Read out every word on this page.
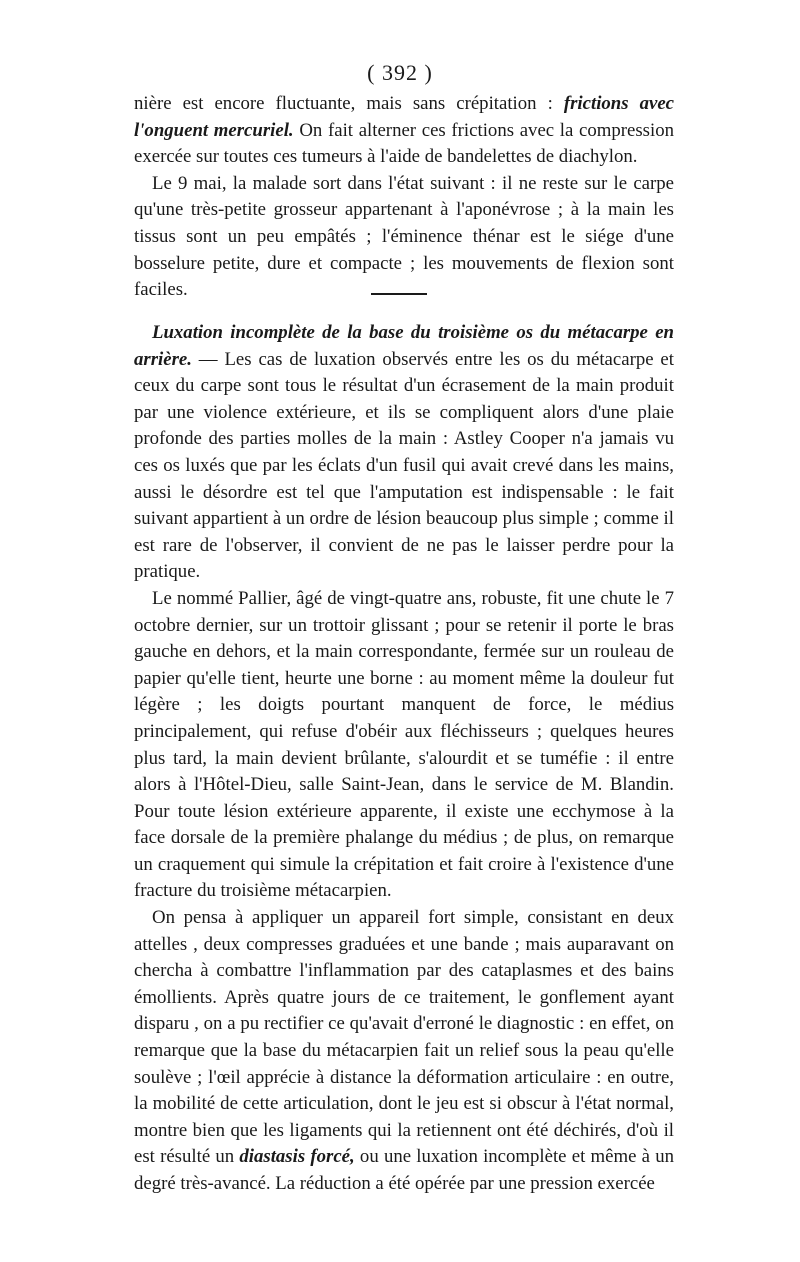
( 392 )

nière est encore fluctuante, mais sans crépitation : frictions avec l'onguent mercuriel. On fait alterner ces frictions avec la compression exercée sur toutes ces tumeurs à l'aide de bandelettes de diachylon.

Le 9 mai, la malade sort dans l'état suivant : il ne reste sur le carpe qu'une très-petite grosseur appartenant à l'aponévrose ; à la main les tissus sont un peu empâtés ; l'éminence thénar est le siége d'une bosselure petite, dure et compacte ; les mouvements de flexion sont faciles.

Luxation incomplète de la base du troisième os du métacarpe en arrière. — Les cas de luxation observés entre les os du métacarpe et ceux du carpe sont tous le résultat d'un écrasement de la main produit par une violence extérieure, et ils se compliquent alors d'une plaie profonde des parties molles de la main : Astley Cooper n'a jamais vu ces os luxés que par les éclats d'un fusil qui avait crevé dans les mains, aussi le désordre est tel que l'amputation est indispensable : le fait suivant appartient à un ordre de lésion beaucoup plus simple ; comme il est rare de l'observer, il convient de ne pas le laisser perdre pour la pratique.

Le nommé Pallier, âgé de vingt-quatre ans, robuste, fit une chute le 7 octobre dernier, sur un trottoir glissant ; pour se retenir il porte le bras gauche en dehors, et la main correspondante, fermée sur un rouleau de papier qu'elle tient, heurte une borne : au moment même la douleur fut légère ; les doigts pourtant manquent de force, le médius principalement, qui refuse d'obéir aux fléchisseurs ; quelques heures plus tard, la main devient brûlante, s'alourdit et se tuméfie : il entre alors à l'Hôtel-Dieu, salle Saint-Jean, dans le service de M. Blandin. Pour toute lésion extérieure apparente, il existe une ecchymose à la face dorsale de la première phalange du médius ; de plus, on remarque un craquement qui simule la crépitation et fait croire à l'existence d'une fracture du troisième métacarpien.

On pensa à appliquer un appareil fort simple, consistant en deux attelles , deux compresses graduées et une bande ; mais auparavant on chercha à combattre l'inflammation par des cataplasmes et des bains émollients. Après quatre jours de ce traitement, le gonflement ayant disparu , on a pu rectifier ce qu'avait d'erroné le diagnostic : en effet, on remarque que la base du métacarpien fait un relief sous la peau qu'elle soulève ; l'œil apprécie à distance la déformation articulaire : en outre, la mobilité de cette articulation, dont le jeu est si obscur à l'état normal, montre bien que les ligaments qui la retiennent ont été déchirés, d'où il est résulté un diastasis forcé, ou une luxation incomplète et même à un degré très-avancé. La réduction a été opérée par une pression exercée
